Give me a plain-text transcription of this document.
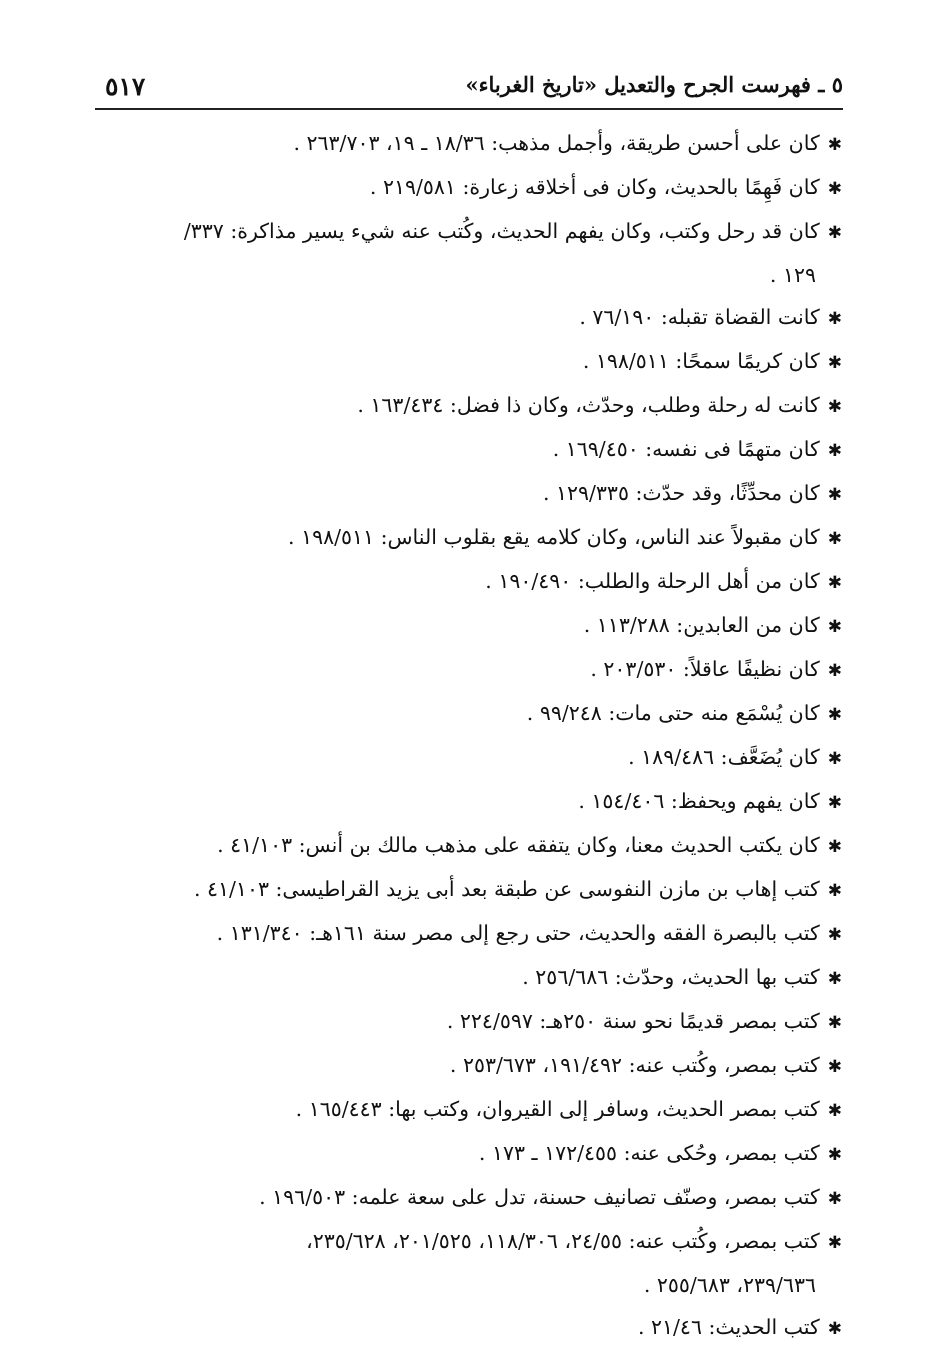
٥١٧	٥ ـ فهرست الجرح والتعديل «تاريخ الغرباء»
✱كان على أحسن طريقة، وأجمل مذهب: ١٨/٣٦ ـ ١٩، ٢٦٣/٧٠٣ .
✱كان فَهِمًا بالحديث، وكان فى أخلاقه زعارة: ٢١٩/٥٨١ .
✱كان قد رحل وكتب، وكان يفهم الحديث، وكُتب عنه شيء يسير مذاكرة: ٣٣٧/
١٢٩ .
✱كانت القضاة تقبله: ٧٦/١٩٠ .
✱كان كريمًا سمحًا: ١٩٨/٥١١ .
✱كانت له رحلة وطلب، وحدّث، وكان ذا فضل: ١٦٣/٤٣٤ .
✱كان متهمًا فى نفسه: ١٦٩/٤٥٠ .
✱كان محدِّثًا، وقد حدّث: ١٢٩/٣٣٥ .
✱كان مقبولاً عند الناس، وكان كلامه يقع بقلوب الناس: ١٩٨/٥١١ .
✱كان من أهل الرحلة والطلب: ١٩٠/٤٩٠ .
✱كان من العابدين: ١١٣/٢٨٨ .
✱كان نظيفًا عاقلاً: ٢٠٣/٥٣٠ .
✱كان يُسْمَع منه حتى مات: ٩٩/٢٤٨ .
✱كان يُضَعَّف: ١٨٩/٤٨٦ .
✱كان يفهم ويحفظ: ١٥٤/٤٠٦ .
✱كان يكتب الحديث معنا، وكان يتفقه على مذهب مالك بن أنس: ٤١/١٠٣ .
✱كتب إهاب بن مازن النفوسى عن طبقة بعد أبى يزيد القراطيسى: ٤١/١٠٣ .
✱كتب بالبصرة الفقه والحديث، حتى رجع إلى مصر سنة ١٦١هـ: ١٣١/٣٤٠ .
✱كتب بها الحديث، وحدّث: ٢٥٦/٦٨٦ .
✱كتب بمصر قديمًا نحو سنة ٢٥٠هـ: ٢٢٤/٥٩٧ .
✱كتب بمصر، وكُتب عنه: ١٩١/٤٩٢، ٢٥٣/٦٧٣ .
✱كتب بمصر الحديث، وسافر إلى القيروان، وكتب بها: ١٦٥/٤٤٣ .
✱كتب بمصر، وحُكى عنه: ١٧٢/٤٥٥ ـ ١٧٣ .
✱كتب بمصر، وصنّف تصانيف حسنة، تدل على سعة علمه: ١٩٦/٥٠٣ .
✱كتب بمصر، وكُتب عنه: ٢٤/٥٥، ١١٨/٣٠٦، ٢٠١/٥٢٥، ٢٣٥/٦٢٨،
٢٣٩/٦٣٦، ٢٥٥/٦٨٣ .
✱كتب الحديث: ٢١/٤٦ .
